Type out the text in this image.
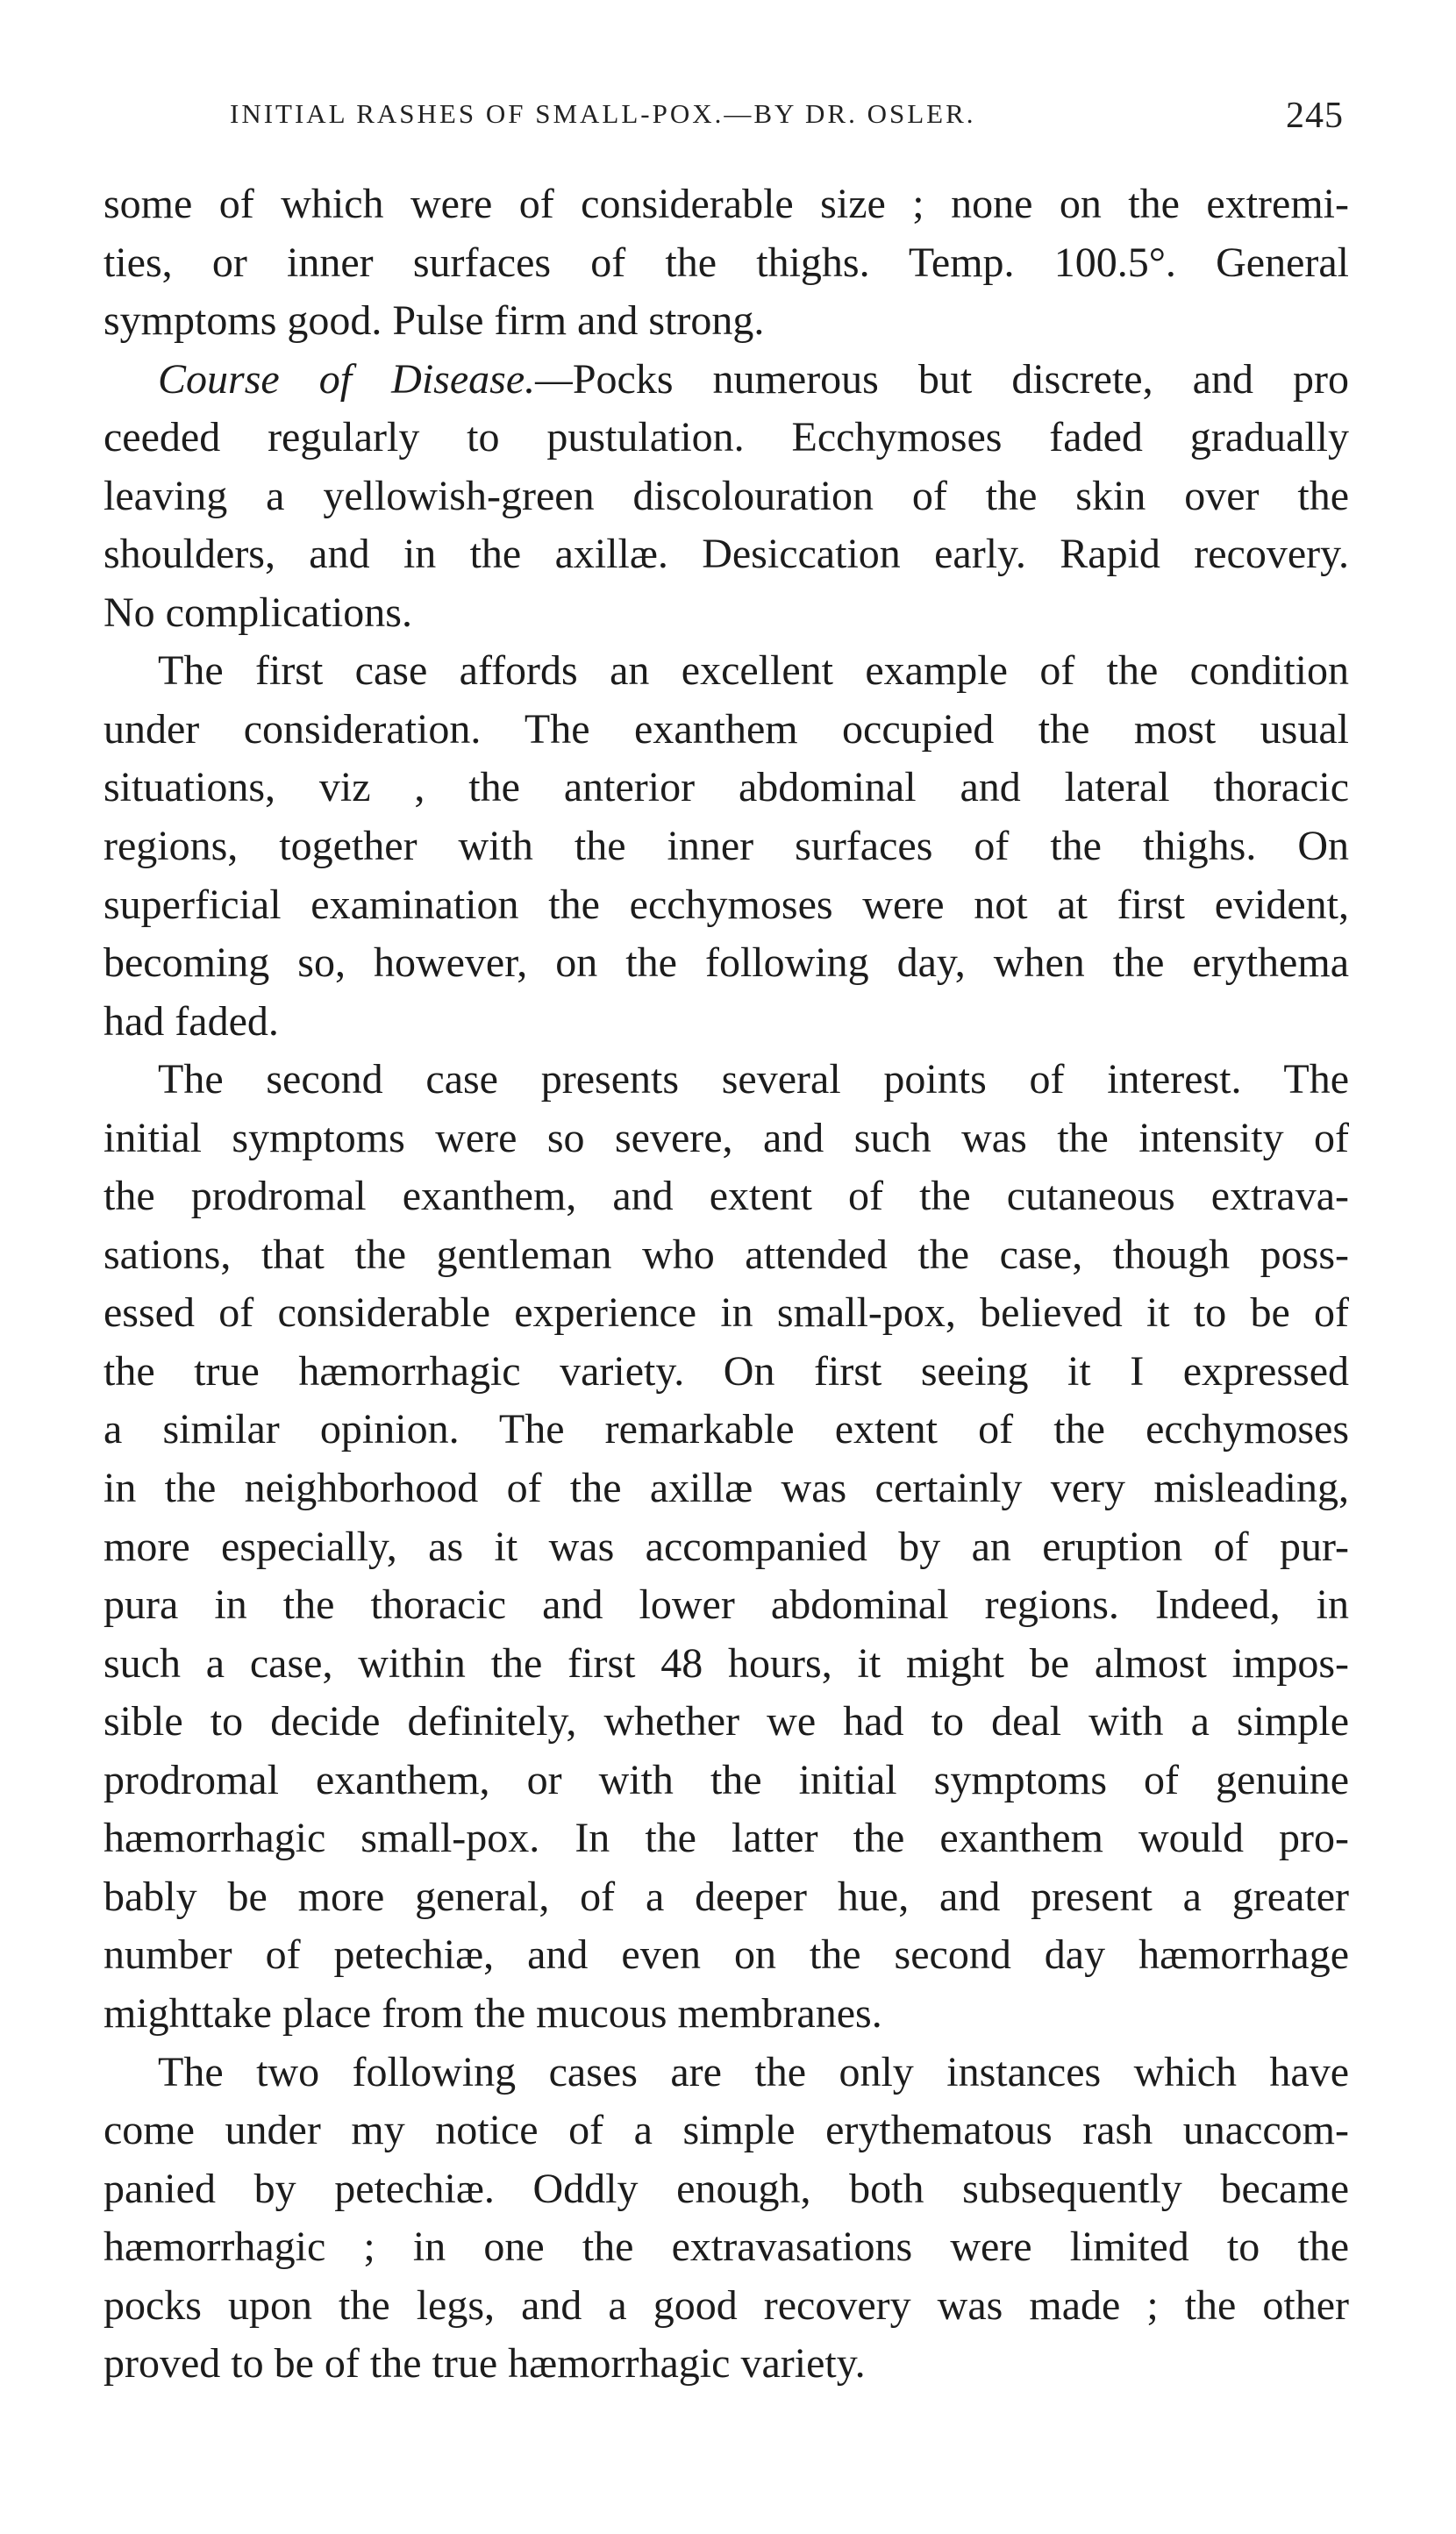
INITIAL RASHES OF SMALL-POX.—BY DR. OSLER.	245
some of which were of considerable size ; none on the extremi-
ties, or inner surfaces of the thighs. Temp. 100.5°. General
symptoms good. Pulse firm and strong.
Course of Disease.—Pocks numerous but discrete, and pro
ceeded regularly to pustulation. Ecchymoses faded gradually
leaving a yellowish-green discolouration of the skin over the
shoulders, and in the axillæ. Desiccation early. Rapid recovery.
No complications.
The first case affords an excellent example of the condition
under consideration. The exanthem occupied the most usual
situations, viz , the anterior abdominal and lateral thoracic
regions, together with the inner surfaces of the thighs. On
superficial examination the ecchymoses were not at first evident,
becoming so, however, on the following day, when the erythema
had faded.
The second case presents several points of interest. The
initial symptoms were so severe, and such was the intensity of
the prodromal exanthem, and extent of the cutaneous extrava-
sations, that the gentleman who attended the case, though poss-
essed of considerable experience in small-pox, believed it to be of
the true hæmorrhagic variety. On first seeing it I expressed
a similar opinion. The remarkable extent of the ecchymoses
in the neighborhood of the axillæ was certainly very misleading,
more especially, as it was accompanied by an eruption of pur-
pura in the thoracic and lower abdominal regions. Indeed, in
such a case, within the first 48 hours, it might be almost impos-
sible to decide definitely, whether we had to deal with a simple
prodromal exanthem, or with the initial symptoms of genuine
hæmorrhagic small-pox. In the latter the exanthem would pro-
bably be more general, of a deeper hue, and present a greater
number of petechiæ, and even on the second day hæmorrhage
mighttake place from the mucous membranes.
The two following cases are the only instances which have
come under my notice of a simple erythematous rash unaccom-
panied by petechiæ. Oddly enough, both subsequently became
hæmorrhagic ; in one the extravasations were limited to the
pocks upon the legs, and a good recovery was made ; the other
proved to be of the true hæmorrhagic variety.
